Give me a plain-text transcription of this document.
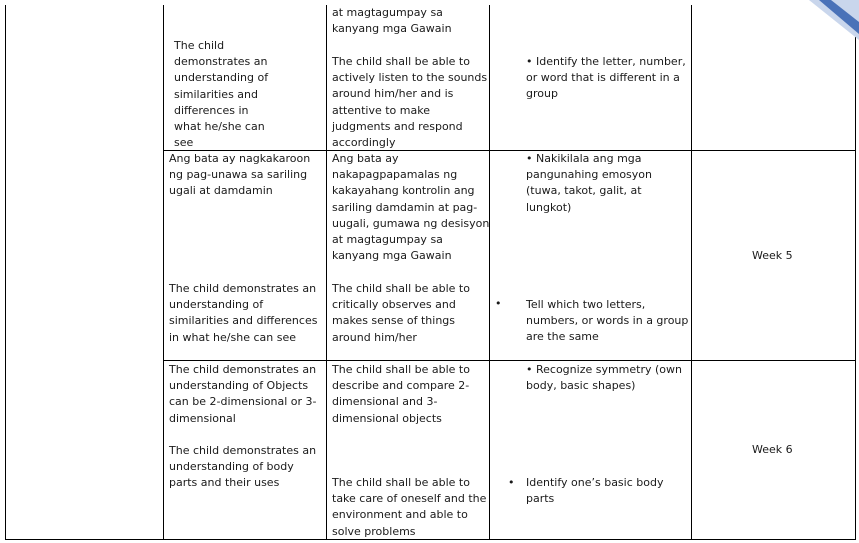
The child
demonstrates an
understanding of
similarities and
differences in
what he/she can
see
at magtagumpay sa
kanyang mga Gawain
The child shall be able to
actively listen to the sounds
around him/her and is
attentive to make
judgments and respond
accordingly
• Identify the letter, number,
or word that is different in a
group
Ang bata ay nagkakaroon
ng pag-unawa sa sariling
ugali at damdamin
The child demonstrates an
understanding of
similarities and differences
in what he/she can see
Ang bata ay
nakapagpapamalas ng
kakayahang kontrolin ang
sariling damdamin at pag-
uugali, gumawa ng desisyon
at magtagumpay sa
kanyang mga Gawain
The child shall be able to
critically observes and
makes sense of things
around him/her
• Nakikilala ang mga
pangunahing emosyon
(tuwa, takot, galit, at
lungkot)
• Tell which two letters,
numbers, or words in a group
are the same
Week 5
The child demonstrates an
understanding of Objects
can be 2-dimensional or 3-
dimensional
The child demonstrates an
understanding of body
parts and their uses
The child shall be able to
describe and compare 2-
dimensional and 3-
dimensional objects
The child shall be able to
take care of oneself and the
environment and able to
solve problems
• Recognize symmetry (own
body, basic shapes)
• Identify one’s basic body
parts
Week 6
